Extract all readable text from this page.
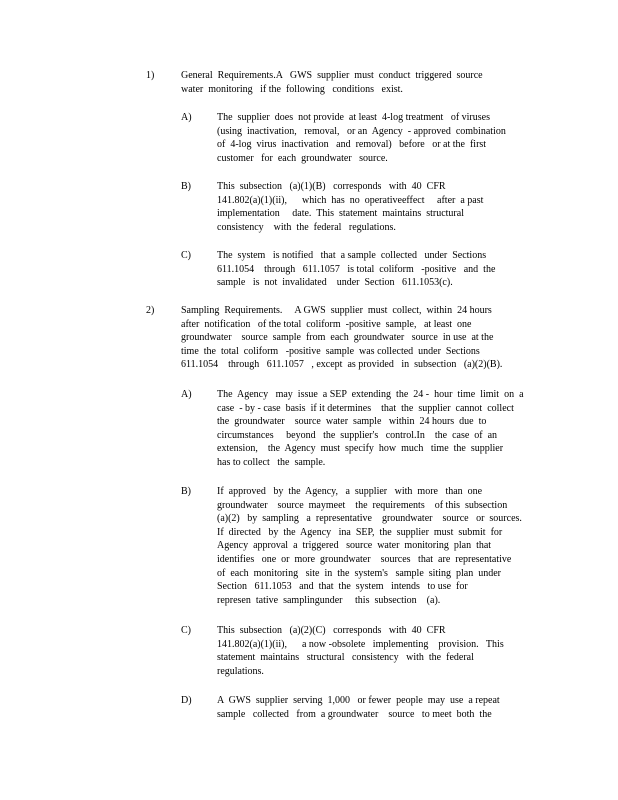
1)	General  Requirements.A   GWS  supplier  must  conduct  triggered  source
water  monitoring   if the  following   conditions   exist.
A)	The  supplier  does  not provide  at least  4-log treatment   of viruses
(using  inactivation,   removal,   or an  Agency  - approved  combination
of  4-log  virus  inactivation   and  removal)   before   or at the  first
customer   for  each  groundwater   source.
B)	This  subsection   (a)(1)(B)   corresponds   with  40  CFR
141.802(a)(1)(ii),      which  has  no  operativeeffect     after  a past
implementation     date.  This  statement  maintains  structural
consistency    with  the  federal   regulations.
C)	The  system   is notified   that  a sample  collected   under  Sections
611.1054    through   611.1057   is total  coliform   -positive   and  the
sample   is  not  invalidated    under  Section   611.1053(c).
2)	Sampling  Requirements.     A GWS  supplier  must  collect,  within  24 hours
after  notification   of the total  coliform  -positive  sample,   at least  one
groundwater    source  sample  from  each  groundwater   source  in use  at the
time  the  total  coliform   -positive  sample  was collected  under  Sections
611.1054    through   611.1057   , except  as provided   in  subsection   (a)(2)(B).
A)	The  Agency   may  issue  a SEP  extending  the  24 -  hour  time  limit  on  a
case  - by - case  basis  if it determines    that  the  supplier  cannot  collect
the  groundwater    source  water  sample   within  24 hours  due  to
circumstances     beyond   the  supplier's   control.In    the  case  of  an
extension,    the  Agency  must  specify  how  much   time  the  supplier
has to collect   the  sample.
B)	If  approved   by  the  Agency,   a  supplier   with  more   than  one
groundwater    source  maymeet    the  requirements    of this  subsection
(a)(2)   by  sampling   a  representative    groundwater    source   or  sources.
If  directed   by  the  Agency   ina  SEP,  the  supplier  must  submit  for
Agency  approval  a  triggered   source  water  monitoring  plan  that
identifies   one  or  more  groundwater    sources   that  are  representative
of  each  monitoring   site  in  the  system's   sample  siting  plan  under
Section   611.1053   and  that  the  system   intends   to use  for
represen  tative  samplingunder     this  subsection    (a).
C)	This  subsection   (a)(2)(C)   corresponds   with  40  CFR
141.802(a)(1)(ii),      a now -obsolete   implementing    provision.   This
statement  maintains   structural   consistency   with  the  federal
regulations.
D)	A  GWS  supplier  serving  1,000   or fewer  people  may  use  a repeat
sample   collected   from  a groundwater    source   to meet  both  the
